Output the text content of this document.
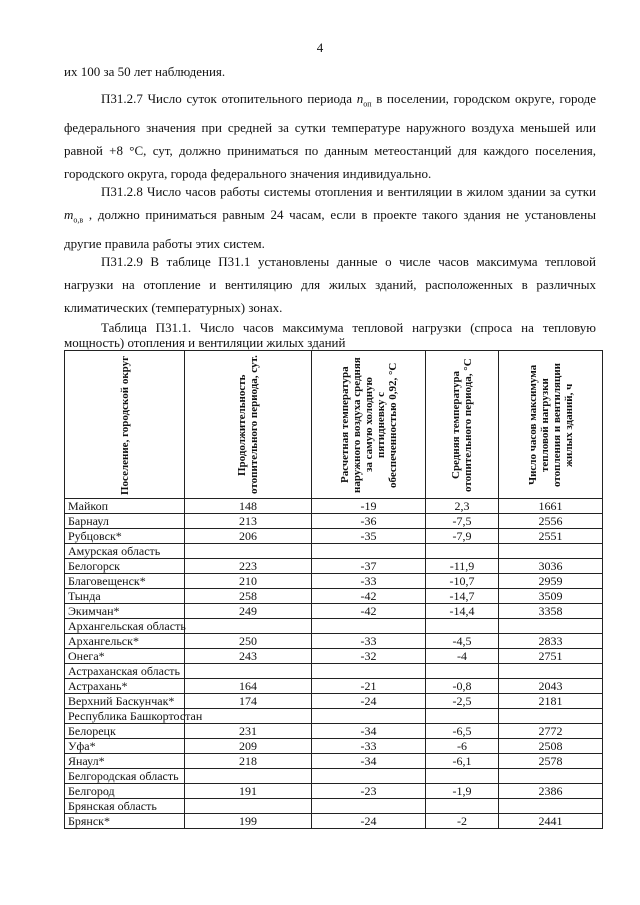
4

их 100 за 50 лет наблюдения.

П31.2.7 Число суток отопительного периода $n_{оп}$ в поселении, городском округе, городе федерального значения при средней за сутки температуре наружного воздуха меньшей или равной +8 °С, сут, должно приниматься по данным метеостанций для каждого поселения, городского округа, города федерального значения индивидуально.

П31.2.8 Число часов работы системы отопления и вентиляции в жилом здании за сутки $m_{о,в}$ , должно приниматься равным 24 часам, если в проекте такого здания не установлены другие правила работы этих систем.

П31.2.9 В таблице П31.1 установлены данные о числе часов максимума тепловой нагрузки на отопление и вентиляцию для жилых зданий, расположенных в различных климатических (температурных) зонах.

Таблица П31.1. Число часов максимума тепловой нагрузки (спроса на тепловую мощность) отопления и вентиляции жилых зданий
Поселение, городской округ	Продолжительность отопительного периода, сут.	Расчетная температура наружного воздуха средняя за самую холодную пятидневку с обеспеченностью 0,92, °С	Средняя температура отопительного периода, °С	Число часов максимума тепловой нагрузки отопления и вентиляции жилых зданий, ч

Майкоп	148	-19	2,3	1661
Барнаул	213	-36	-7,5	2556
Рубцовск*	206	-35	-7,9	2551
Амурская область				
Белогорск	223	-37	-11,9	3036
Благовещенск*	210	-33	-10,7	2959
Тында	258	-42	-14,7	3509
Экимчан*	249	-42	-14,4	3358
Архангельская область				
Архангельск*	250	-33	-4,5	2833
Онега*	243	-32	-4	2751
Астраханская область				
Астрахань*	164	-21	-0,8	2043
Верхний Баскунчак*	174	-24	-2,5	2181
Республика Башкортостан				
Белорецк	231	-34	-6,5	2772
Уфа*	209	-33	-6	2508
Янаул*	218	-34	-6,1	2578
Белгородская область				
Белгород	191	-23	-1,9	2386
Брянская область				
Брянск*	199	-24	-2	2441
